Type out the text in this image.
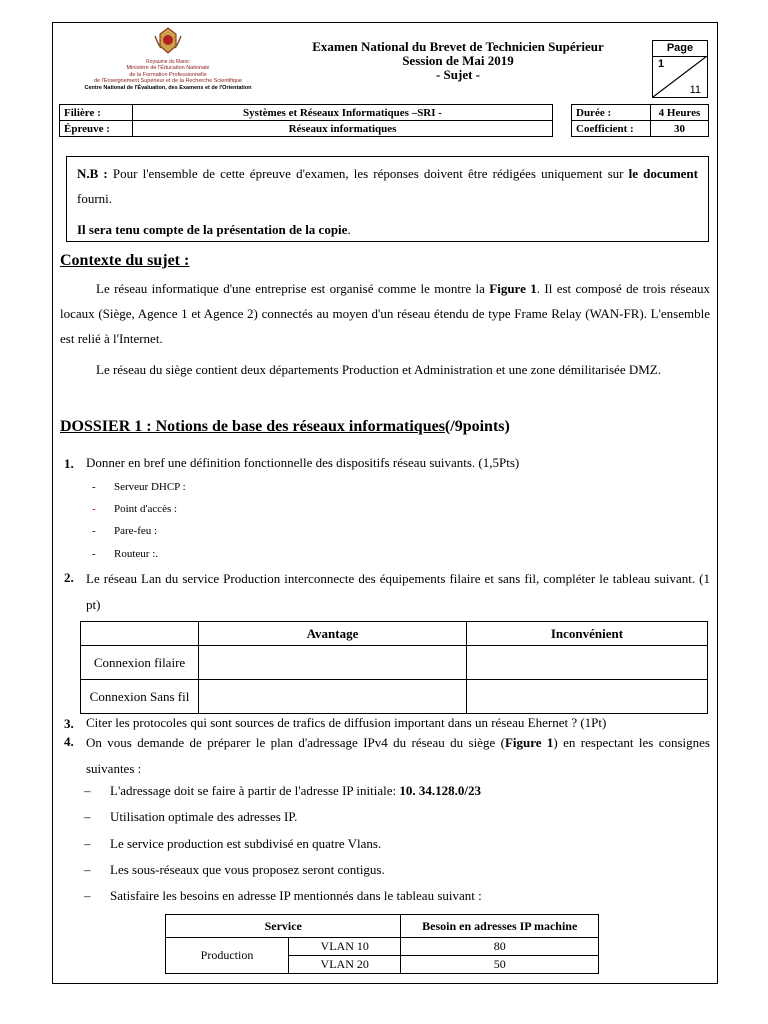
Royaume du Maroc
Ministère de l'Éducation Nationale
de la Formation Professionnelle
de l'Enseignement Supérieur et de la Recherche Scientifique
Centre National de l'Évaluation, des Examens et de l'Orientation
Examen National du Brevet de Technicien Supérieur
Session de Mai 2019
- Sujet -
Page
1
11
Filière :	Systèmes et Réseaux Informatiques –SRI -
Épreuve :	Réseaux informatiques
Durée :	4 Heures
Coefficient :	30
N.B : Pour l'ensemble de cette épreuve d'examen, les réponses doivent être rédigées uniquement sur le document fourni.
Il sera tenu compte de la présentation de la copie.
Contexte du sujet :
Le réseau informatique d'une entreprise est organisé comme le montre la Figure 1. Il est composé de trois réseaux locaux (Siège, Agence 1 et Agence 2) connectés au moyen d'un réseau étendu de type Frame Relay (WAN-FR). L'ensemble est relié à l'Internet.
Le réseau du siège contient deux départements Production et Administration et une zone démilitarisée DMZ.
DOSSIER 1 : Notions de base des réseaux informatiques(/9points)
1. Donner en bref une définition fonctionnelle des dispositifs réseau suivants. (1,5Pts)
- Serveur DHCP :
- Point d'accès :
- Pare-feu :
- Routeur :.
2. Le réseau Lan du service Production interconnecte des équipements filaire et sans fil, compléter le tableau suivant. (1 pt)
	Avantage	Inconvénient
Connexion filaire		
Connexion Sans fil		
3. Citer les protocoles qui sont sources de trafics de diffusion important dans un réseau Ehernet ? (1Pt)
4. On vous demande de préparer le plan d'adressage IPv4 du réseau du siège (Figure 1) en respectant les consignes suivantes :
– L'adressage doit se faire à partir de l'adresse IP initiale: 10. 34.128.0/23
– Utilisation optimale des adresses IP.
– Le service production est subdivisé en quatre Vlans.
– Les sous-réseaux que vous proposez seront contigus.
– Satisfaire les besoins en adresse IP mentionnés dans le tableau suivant :
Service		Besoin en adresses IP machine
Production	VLAN 10	80
	VLAN 20	50
